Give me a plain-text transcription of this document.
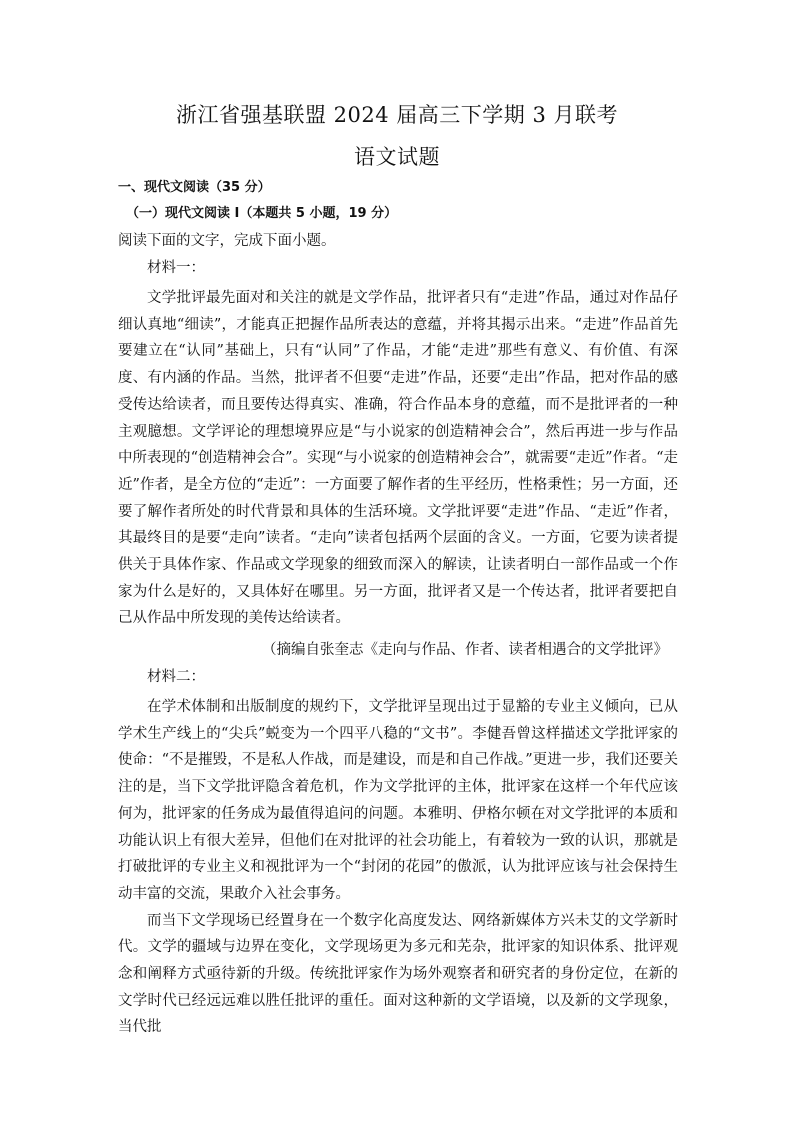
浙江省强基联盟 2024 届高三下学期 3 月联考
语文试题
一、现代文阅读（35 分）
（一）现代文阅读 I（本题共 5 小题，19 分）
阅读下面的文字，完成下面小题。
材料一：

文学批评最先面对和关注的就是文学作品，批评者只有“走进”作品，通过对作品仔细认真地“细读”，才能真正把握作品所表达的意蕴，并将其揭示出来。“走进”作品首先要建立在“认同”基础上，只有“认同”了作品，才能“走进”那些有意义、有价值、有深度、有内涵的作品。当然，批评者不但要“走进”作品，还要“走出”作品，把对作品的感受传达给读者，而且要传达得真实、准确，符合作品本身的意蕴，而不是批评者的一种主观臆想。文学评论的理想境界应是“与小说家的创造精神会合”，然后再进一步与作品中所表现的“创造精神会合”。实现“与小说家的创造精神会合”，就需要“走近”作者。“走近”作者，是全方位的“走近”：一方面要了解作者的生平经历，性格秉性；另一方面，还要了解作者所处的时代背景和具体的生活环境。文学批评要“走进”作品、“走近”作者，其最终目的是要“走向”读者。“走向”读者包括两个层面的含义。一方面，它要为读者提供关于具体作家、作品或文学现象的细致而深入的解读，让读者明白一部作品或一个作家为什么是好的，又具体好在哪里。另一方面，批评者又是一个传达者，批评者要把自己从作品中所发现的美传达给读者。

（摘编自张奎志《走向与作品、作者、读者相遇合的文学批评》
材料二：

在学术体制和出版制度的规约下，文学批评呈现出过于显豁的专业主义倾向，已从学术生产线上的“尖兵”蜕变为一个四平八稳的“文书”。李健吾曾这样描述文学批评家的使命：“不是摧毁，不是私人作战，而是建设，而是和自己作战。”更进一步，我们还要关注的是，当下文学批评隐含着危机，作为文学批评的主体，批评家在这样一个年代应该何为，批评家的任务成为最值得追问的问题。本雅明、伊格尔顿在对文学批评的本质和功能认识上有很大差异，但他们在对批评的社会功能上，有着较为一致的认识，那就是打破批评的专业主义和视批评为一个“封闭的花园”的傲派，认为批评应该与社会保持生动丰富的交流，果敢介入社会事务。

而当下文学现场已经置身在一个数字化高度发达、网络新媒体方兴未艾的文学新时代。文学的疆域与边界在变化，文学现场更为多元和芜杂，批评家的知识体系、批评观念和阐释方式亟待新的升级。传统批评家作为场外观察者和研究者的身份定位，在新的文学时代已经远远难以胜任批评的重任。面对这种新的文学语境，以及新的文学现象，当代批
